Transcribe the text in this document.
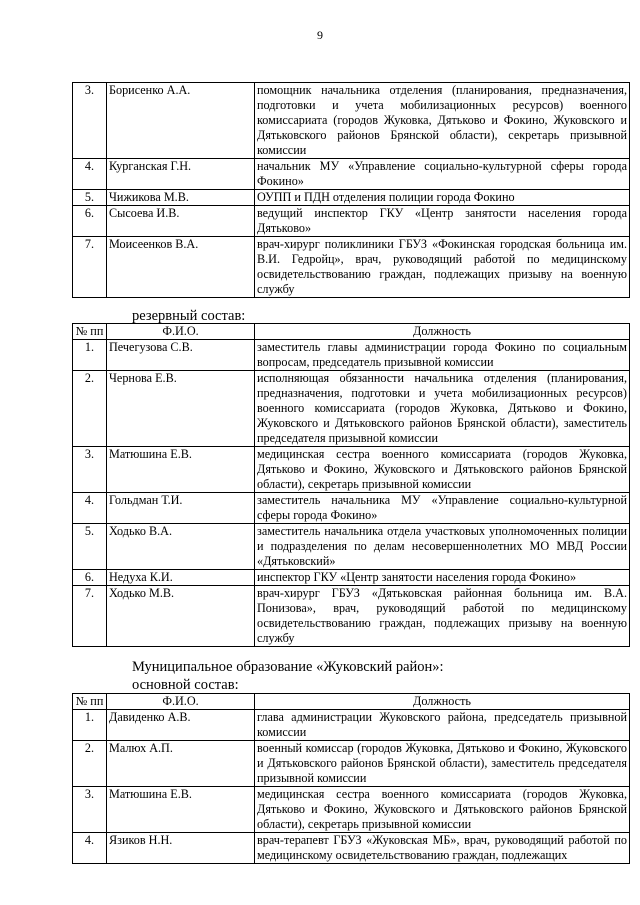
9
3.	Борисенко А.А.	помощник начальника отделения (планирования, предназначения, подготовки и учета мобилизационных ресурсов) военного комиссариата (городов Жуковка, Дятьково и Фокино, Жуковского и Дятьковского районов Брянской области), секретарь призывной комиссии
4.	Курганская Г.Н.	начальник МУ «Управление социально-культурной сферы города Фокино»
5.	Чижикова М.В.	ОУПП и ПДН отделения полиции города Фокино
6.	Сысоева И.В.	ведущий инспектор ГКУ «Центр занятости населения города Дятьково»
7.	Моисеенков В.А.	врач-хирург поликлиники ГБУЗ «Фокинская городская больница им. В.И. Гедройц», врач, руководящий работой по медицинскому освидетельствованию граждан, подлежащих призыву на военную службу
резервный состав:
№ пп	Ф.И.О.	Должность
1.	Печегузова С.В.	заместитель главы администрации города Фокино по социальным вопросам, председатель призывной комиссии
2.	Чернова Е.В.	исполняющая обязанности начальника отделения (планирования, предназначения, подготовки и учета мобилизационных ресурсов) военного комиссариата (городов Жуковка, Дятьково и Фокино, Жуковского и Дятьковского районов Брянской области), заместитель председателя призывной комиссии
3.	Матюшина Е.В.	медицинская сестра военного комиссариата (городов Жуковка, Дятьково и Фокино, Жуковского и Дятьковского районов Брянской области), секретарь призывной комиссии
4.	Гольдман Т.И.	заместитель начальника МУ «Управление социально-культурной сферы города Фокино»
5.	Ходько В.А.	заместитель начальника отдела участковых уполномоченных полиции и подразделения по делам несовершеннолетних МО МВД России «Дятьковский»
6.	Недуха К.И.	инспектор ГКУ «Центр занятости населения города Фокино»
7.	Ходько М.В.	врач-хирург ГБУЗ «Дятьковская районная больница им. В.А. Понизова», врач, руководящий работой по медицинскому освидетельствованию граждан, подлежащих призыву на военную службу
Муниципальное образование «Жуковский район»:
основной состав:
№ пп	Ф.И.О.	Должность
1.	Давиденко А.В.	глава администрации Жуковского района, председатель призывной комиссии
2.	Малюх А.П.	военный комиссар (городов Жуковка, Дятьково и Фокино, Жуковского и Дятьковского районов Брянской области), заместитель председателя призывной комиссии
3.	Матюшина Е.В.	медицинская сестра военного комиссариата (городов Жуковка, Дятьково и Фокино, Жуковского и Дятьковского районов Брянской области), секретарь призывной комиссии
4.	Язиков Н.Н.	врач-терапевт ГБУЗ «Жуковская МБ», врач, руководящий работой по медицинскому освидетельствованию граждан, подлежащих
